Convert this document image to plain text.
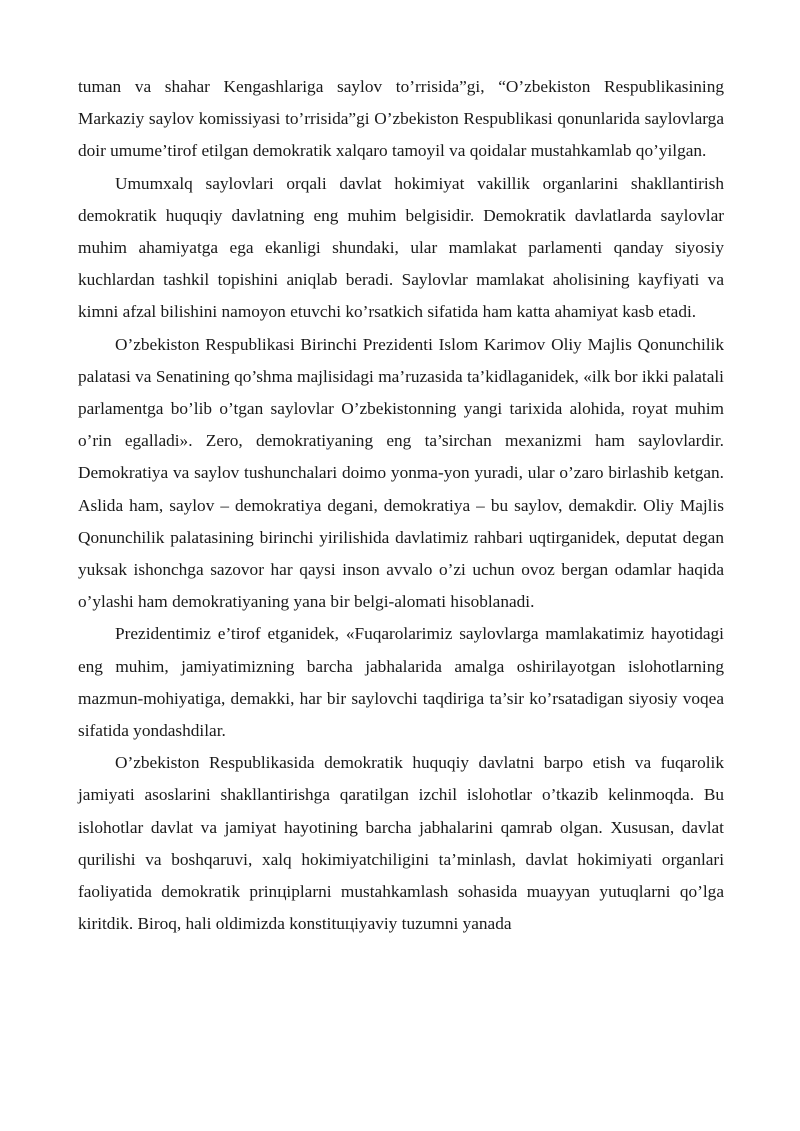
tuman va shahar Kengashlariga saylov to’rrisida”gi, “O’zbekiston Respublikasining Markaziy saylov komissiyasi to’rrisida”gi O’zbekiston Respublikasi qonunlarida saylovlarga doir umume’tirof etilgan demokratik xalqaro tamoyil va qoidalar mustahkamlab qo’yilgan.

Umumxalq saylovlari orqali davlat hokimiyat vakillik organlarini shakllantirish demokratik huquqiy davlatning eng muhim belgisidir. Demokratik davlatlarda saylovlar muhim ahamiyatga ega ekanligi shundaki, ular mamlakat parlamenti qanday siyosiy kuchlardan tashkil topishini aniqlab beradi. Saylovlar mamlakat aholisining kayfiyati va kimni afzal bilishini namoyon etuvchi ko’rsatkich sifatida ham katta ahamiyat kasb etadi.

O’zbekiston Respublikasi Birinchi Prezidenti Islom Karimov Oliy Majlis Qonunchilik palatasi va Senatining qo’shma majlisidagi ma’ruzasida ta’kidlaganidek, «ilk bor ikki palatali parlamentga bo’lib o’tgan saylovlar O’zbekistonning yangi tarixida alohida, rоyat muhim o’rin egalladi». Zero, demokratiyaning eng ta’sirchan mexanizmi ham saylovlardir. Demokratiya va saylov tushunchalari doimo yonma-yon yuradi, ular o’zaro birlashib ketgan. Aslida ham, saylov – demokratiya degani, demokratiya – bu saylov, demakdir. Oliy Majlis Qonunchilik palatasining birinchi yirilishida davlatimiz rahbari uqtirganidek, deputat degan yuksak ishonchga sazovor har qaysi inson avvalo o’zi uchun ovoz bergan odamlar haqida o’ylashi ham demokratiyaning yana bir belgi-alomati hisoblanadi.

Prezidentimiz e’tirof etganidek, «Fuqarolarimiz saylovlarga mamlakatimiz hayotidagi eng muhim, jamiyatimizning barcha jabhalarida amalga oshirilayotgan islohotlarning mazmun-mohiyatiga, demakki, har bir saylovchi taqdiriga ta’sir ko’rsatadigan siyosiy voqea sifatida yondashdilar.

O’zbekiston Respublikasida demokratik huquqiy davlatni barpo etish va fuqarolik jamiyati asoslarini shakllantirishga qaratilgan izchil islohotlar o’tkazib kelinmoqda. Bu islohotlar davlat va jamiyat hayotining barcha jabhalarini qamrab olgan. Xususan, davlat qurilishi va boshqaruvi, xalq hokimiyatchiligini ta’minlash, davlat hokimiyati organlari faoliyatida demokratik prinцiplarni mustahkamlash sohasida muayyan yutuqlarni qo’lga kiritdik. Biroq, hali oldimizda konstituцiyaviy tuzumni yanada
